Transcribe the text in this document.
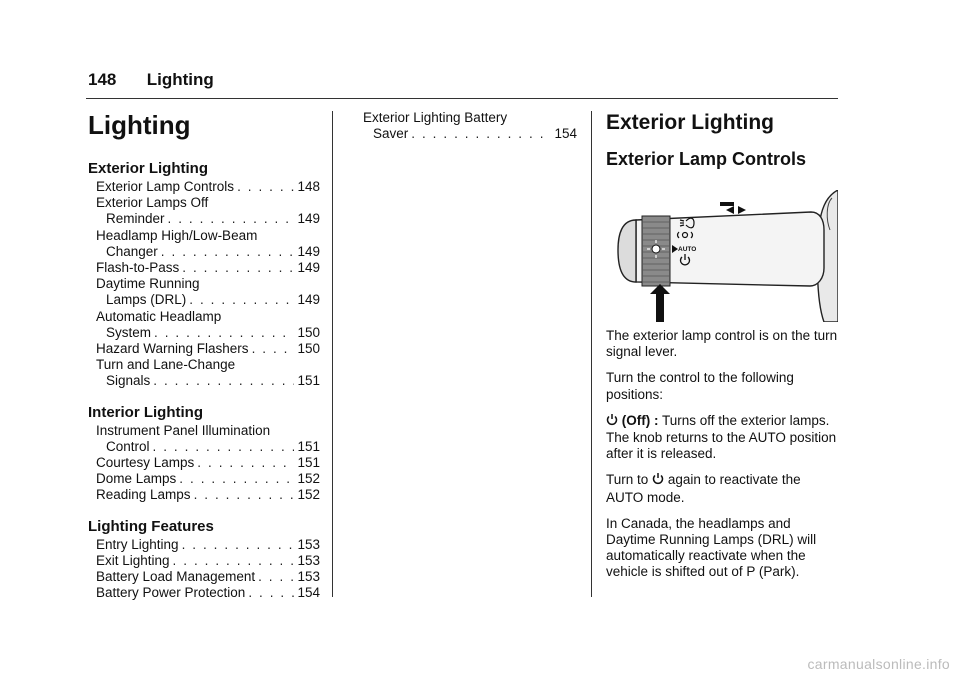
148 Lighting
Lighting
Exterior Lighting
Exterior Lamp Controls . . .	148
Exterior Lamps Off
Reminder . . .	149
Headlamp High/Low-Beam
Changer . . .	149
Flash-to-Pass . . .	149
Daytime Running
Lamps (DRL) . . .	149
Automatic Headlamp
System . . .	150
Hazard Warning Flashers . . .	150
Turn and Lane-Change
Signals . . .	151
Interior Lighting
Instrument Panel Illumination
Control . . .	151
Courtesy Lamps . . .	151
Dome Lamps . . .	152
Reading Lamps . . .	152
Lighting Features
Entry Lighting . . .	153
Exit Lighting . . .	153
Battery Load Management . . .	153
Battery Power Protection . . .	154
Exterior Lighting Battery
Saver . . .	154 Exterior Lighting
Exterior Lamp Controls
AUTO
The exterior lamp control is on the turn signal lever.
Turn the control to the following positions:
(Off) : Turns off the exterior lamps. The knob returns to the AUTO position after it is released.
Turn to again to reactivate the
AUTO mode.
In Canada, the headlamps and Daytime Running Lamps (DRL) will automatically reactivate when the vehicle is shifted out of P (Park).
carmanualsonline.info
